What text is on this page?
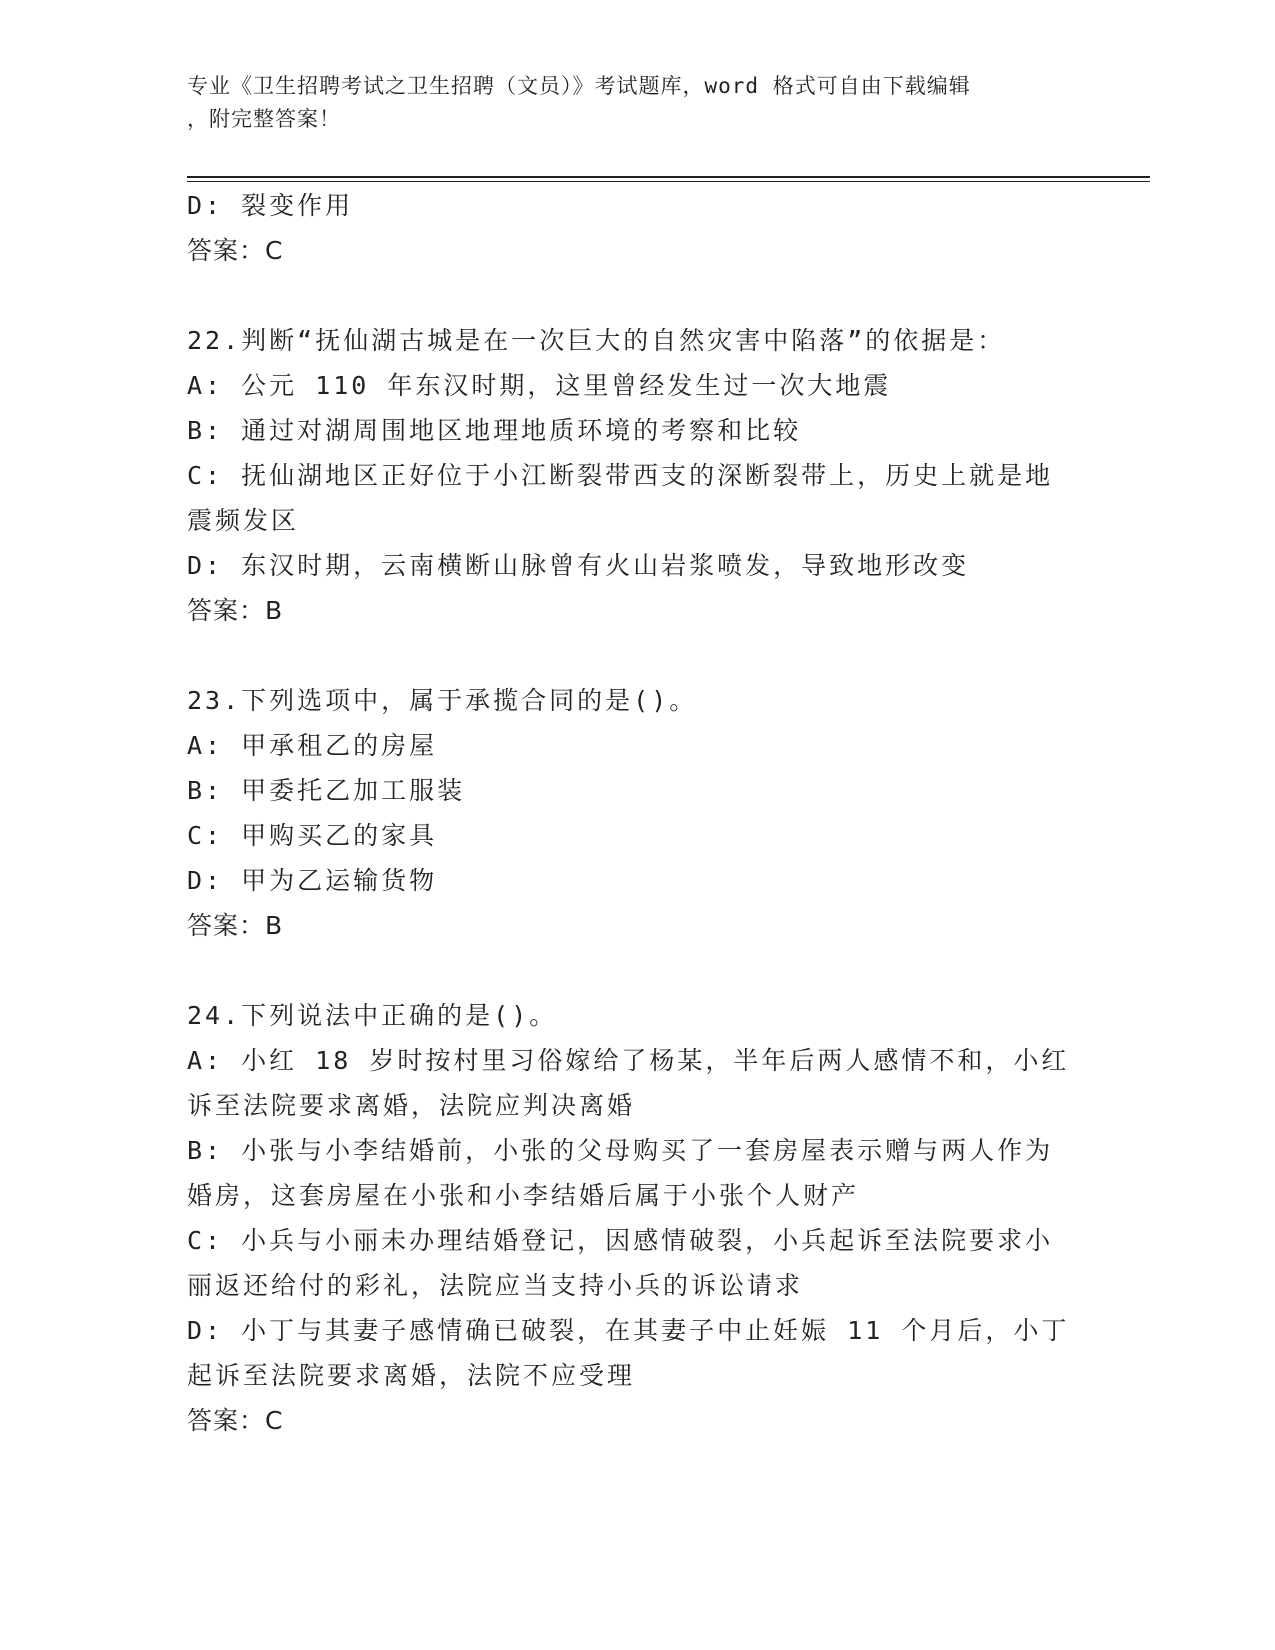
专业《卫生招聘考试之卫生招聘（文员）》考试题库，word 格式可自由下载编辑
，附完整答案！
D: 裂变作用
答案：C
22.判断“抚仙湖古城是在一次巨大的自然灾害中陷落”的依据是：
A: 公元 110 年东汉时期，这里曾经发生过一次大地震
B: 通过对湖周围地区地理地质环境的考察和比较
C: 抚仙湖地区正好位于小江断裂带西支的深断裂带上，历史上就是地
震频发区
D: 东汉时期，云南横断山脉曾有火山岩浆喷发，导致地形改变
答案：B
23.下列选项中，属于承揽合同的是()。
A: 甲承租乙的房屋
B: 甲委托乙加工服装
C: 甲购买乙的家具
D: 甲为乙运输货物
答案：B
24.下列说法中正确的是()。
A: 小红 18 岁时按村里习俗嫁给了杨某，半年后两人感情不和，小红
诉至法院要求离婚，法院应判决离婚
B: 小张与小李结婚前，小张的父母购买了一套房屋表示赠与两人作为
婚房，这套房屋在小张和小李结婚后属于小张个人财产
C: 小兵与小丽未办理结婚登记，因感情破裂，小兵起诉至法院要求小
丽返还给付的彩礼，法院应当支持小兵的诉讼请求
D: 小丁与其妻子感情确已破裂，在其妻子中止妊娠 11 个月后，小丁
起诉至法院要求离婚，法院不应受理
答案：C
